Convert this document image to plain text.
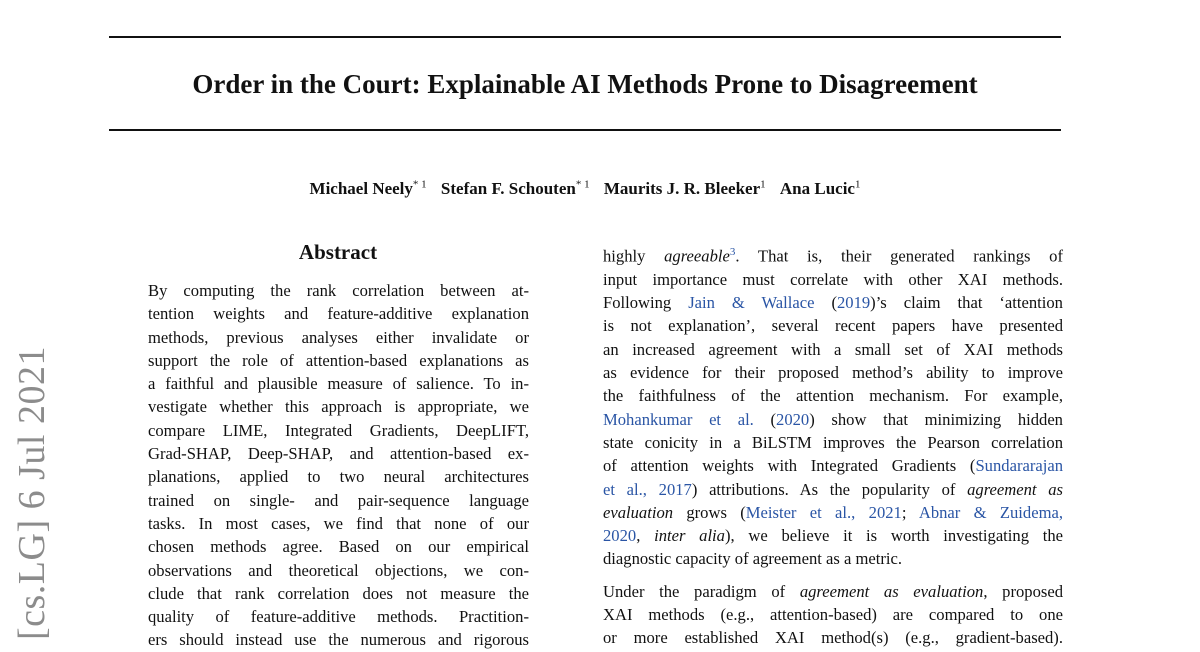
Order in the Court: Explainable AI Methods Prone to Disagreement
Michael Neely$^{* 1}$ Stefan F. Schouten$^{* 1}$ Maurits J. R. Bleeker$^1$ Ana Lucic$^1$
[cs.LG] 6 Jul 2021
Abstract
By computing the rank correlation between at-
tention weights and feature-additive explanation
methods, previous analyses either invalidate or
support the role of attention-based explanations as
a faithful and plausible measure of salience. To in-
vestigate whether this approach is appropriate, we
compare LIME, Integrated Gradients, DeepLIFT,
Grad-SHAP, Deep-SHAP, and attention-based ex-
planations, applied to two neural architectures
trained on single- and pair-sequence language
tasks. In most cases, we find that none of our
chosen methods agree. Based on our empirical
observations and theoretical objections, we con-
clude that rank correlation does not measure the
quality of feature-additive methods. Practition-
ers should instead use the numerous and rigorous
highly agreeable$^3$. That is, their generated rankings of
input importance must correlate with other XAI methods.
Following Jain & Wallace (2019)’s claim that ‘attention
is not explanation’, several recent papers have presented
an increased agreement with a small set of XAI methods
as evidence for their proposed method’s ability to improve
the faithfulness of the attention mechanism. For example,
Mohankumar et al. (2020) show that minimizing hidden
state conicity in a BiLSTM improves the Pearson correlation
of attention weights with Integrated Gradients (Sundararajan
et al., 2017) attributions. As the popularity of agreement as
evaluation grows (Meister et al., 2021; Abnar & Zuidema,
2020, inter alia), we believe it is worth investigating the
diagnostic capacity of agreement as a metric.
Under the paradigm of agreement as evaluation, proposed
XAI methods (e.g., attention-based) are compared to one
or more established XAI method(s) (e.g., gradient-based).
